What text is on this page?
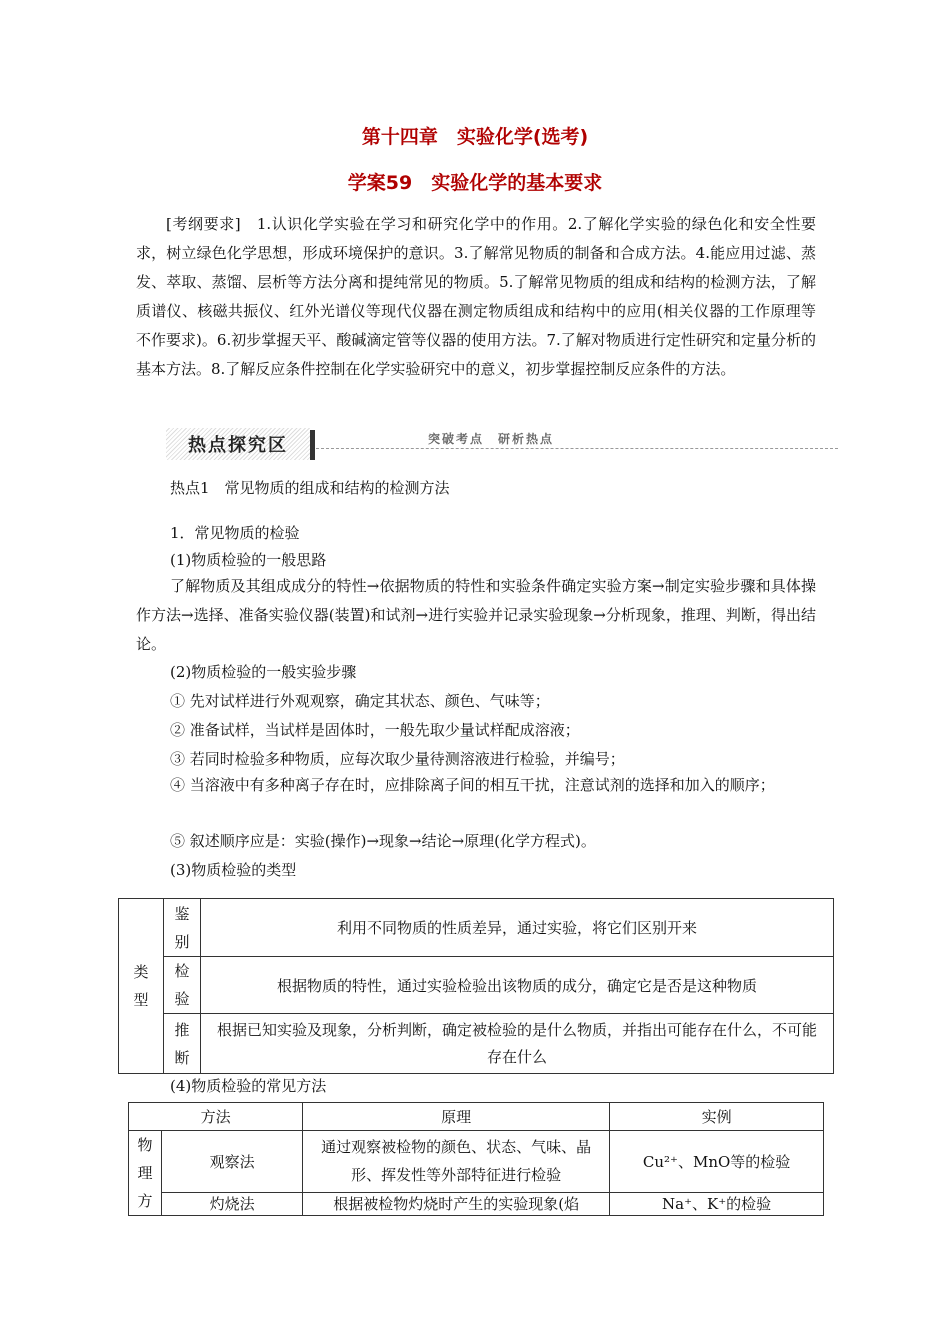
第十四章　实验化学(选考)
学案59　实验化学的基本要求
[考纲要求]　1.认识化学实验在学习和研究化学中的作用。2.了解化学实验的绿色化和安全性要求，树立绿色化学思想，形成环境保护的意识。3.了解常见物质的制备和合成方法。4.能应用过滤、蒸发、萃取、蒸馏、层析等方法分离和提纯常见的物质。5.了解常见物质的组成和结构的检测方法，了解质谱仪、核磁共振仪、红外光谱仪等现代仪器在测定物质组成和结构中的应用(相关仪器的工作原理等不作要求)。6.初步掌握天平、酸碱滴定管等仪器的使用方法。7.了解对物质进行定性研究和定量分析的基本方法。8.了解反应条件控制在化学实验研究中的意义，初步掌握控制反应条件的方法。
热点探究区	突破考点　研析热点
热点1　常见物质的组成和结构的检测方法
1．常见物质的检验
(1)物质检验的一般思路
了解物质及其组成成分的特性→依据物质的特性和实验条件确定实验方案→制定实验步骤和具体操作方法→选择、准备实验仪器(装置)和试剂→进行实验并记录实验现象→分析现象，推理、判断，得出结论。
(2)物质检验的一般实验步骤
① 先对试样进行外观观察，确定其状态、颜色、气味等；
② 准备试样，当试样是固体时，一般先取少量试样配成溶液；
③ 若同时检验多种物质，应每次取少量待测溶液进行检验，并编号；
④ 当溶液中有多种离子存在时，应排除离子间的相互干扰，注意试剂的选择和加入的顺序；
⑤ 叙述顺序应是：实验(操作)→现象→结论→原理(化学方程式)。
(3)物质检验的类型
类型	鉴别	利用不同物质的性质差异，通过实验，将它们区别开来

	检验	根据物质的特性，通过实验检验出该物质的成分，确定它是否是这种物质

	推断	根据已知实验及现象，分析判断，确定被检验的是什么物质，并指出可能存在什么，不可能存在什么
(4)物质检验的常见方法
方法		原理	实例

物理方	观察法	通过观察被检物的颜色、状态、气味、晶形、挥发性等外部特征进行检验	Cu²⁺、MnO等的检验
	灼烧法	根据被检物灼烧时产生的实验现象(焰	Na⁺、K⁺的检验
